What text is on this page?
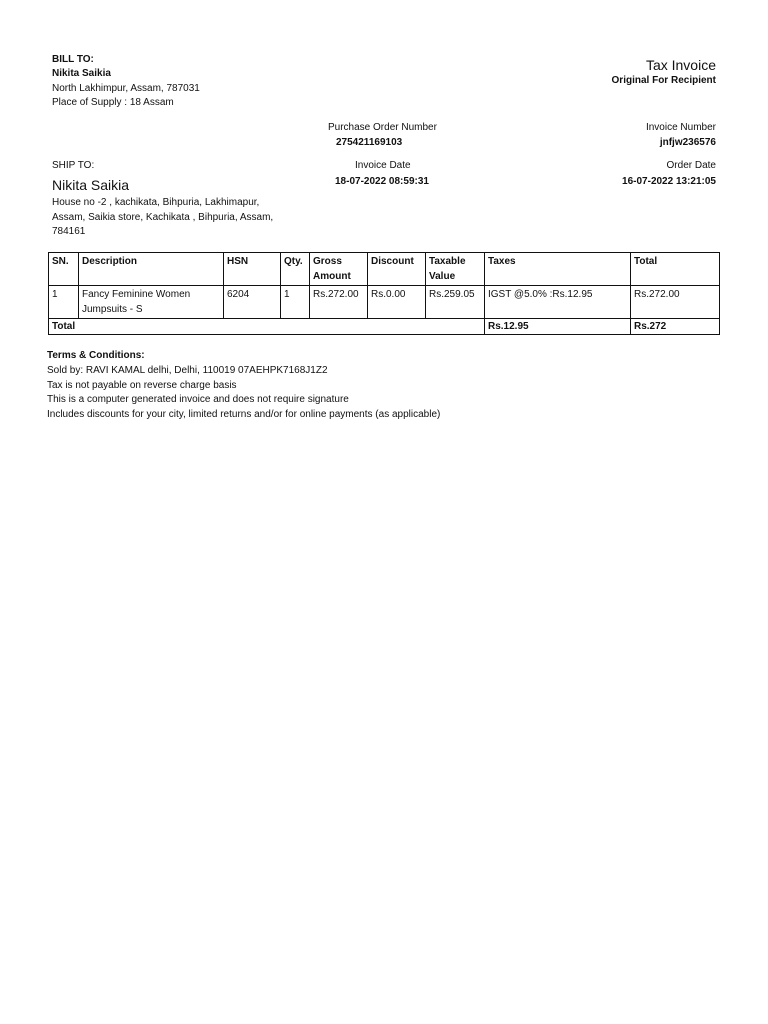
BILL TO:
Nikita Saikia
North Lakhimpur, Assam, 787031
Place of Supply : 18 Assam
Tax Invoice
Original For Recipient
Purchase Order Number
275421169103
Invoice Number
jnfjw236576
Invoice Date
18-07-2022 08:59:31
Order Date
16-07-2022 13:21:05
SHIP TO:
Nikita Saikia
House no -2 , kachikata, Bihpuria, Lakhimapur, Assam, Saikia store, Kachikata , Bihpuria, Assam, 784161
SN.	Description	HSN	Qty.	Gross Amount	Discount	Taxable Value	Taxes	Total
1	Fancy Feminine Women Jumpsuits - S	6204	1	Rs.272.00	Rs.0.00	Rs.259.05	IGST @5.0% :Rs.12.95	Rs.272.00
Total							Rs.12.95	Rs.272
Terms & Conditions:
Sold by: RAVI KAMAL delhi, Delhi, 110019 07AEHPK7168J1Z2
Tax is not payable on reverse charge basis
This is a computer generated invoice and does not require signature
Includes discounts for your city, limited returns and/or for online payments (as applicable)
